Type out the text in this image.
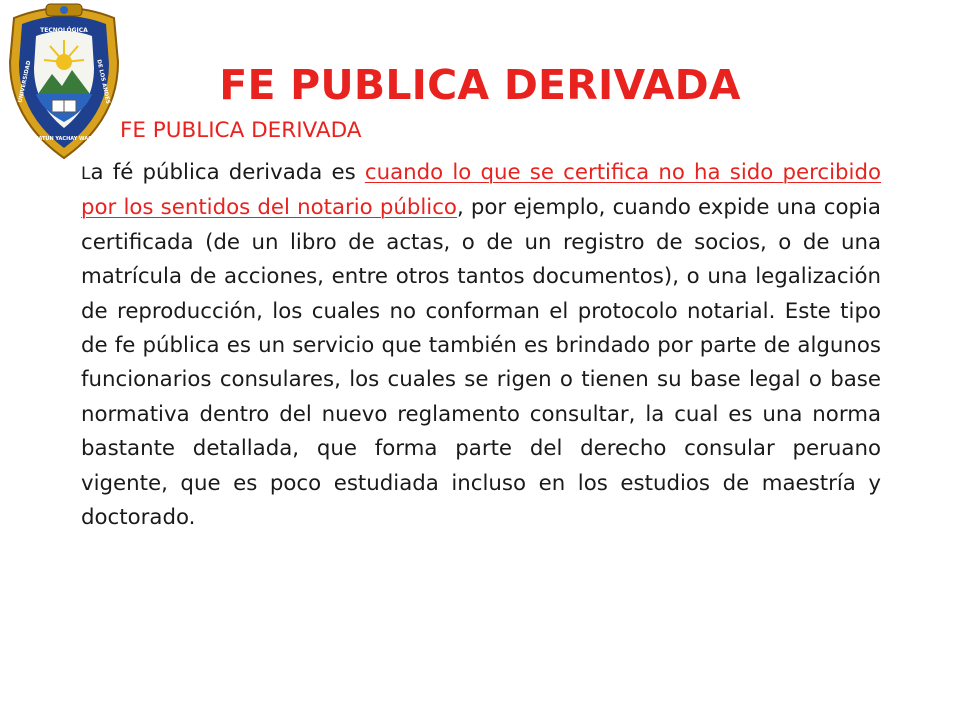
TECNOLÓGICA
UNIVERSIDAD	DE LOS ANDES
HATUN YACHAY WASI
FE PUBLICA DERIVADA
FE PUBLICA DERIVADA

La fé pública derivada es cuando lo que se certifica no ha sido percibido por los sentidos del notario público, por ejemplo, cuando expide una copia certificada (de un libro de actas, o de un registro de socios, o de una matrícula de acciones, entre otros tantos documentos), o una legalización de reproducción, los cuales no conforman el protocolo notarial. Este tipo de fe pública es un servicio que también es brindado por parte de algunos funcionarios consulares, los cuales se rigen o tienen su base legal o base normativa dentro del nuevo reglamento consultar, la cual es una norma bastante detallada, que forma parte del derecho consular peruano vigente, que es poco estudiada incluso en los estudios de maestría y doctorado.
